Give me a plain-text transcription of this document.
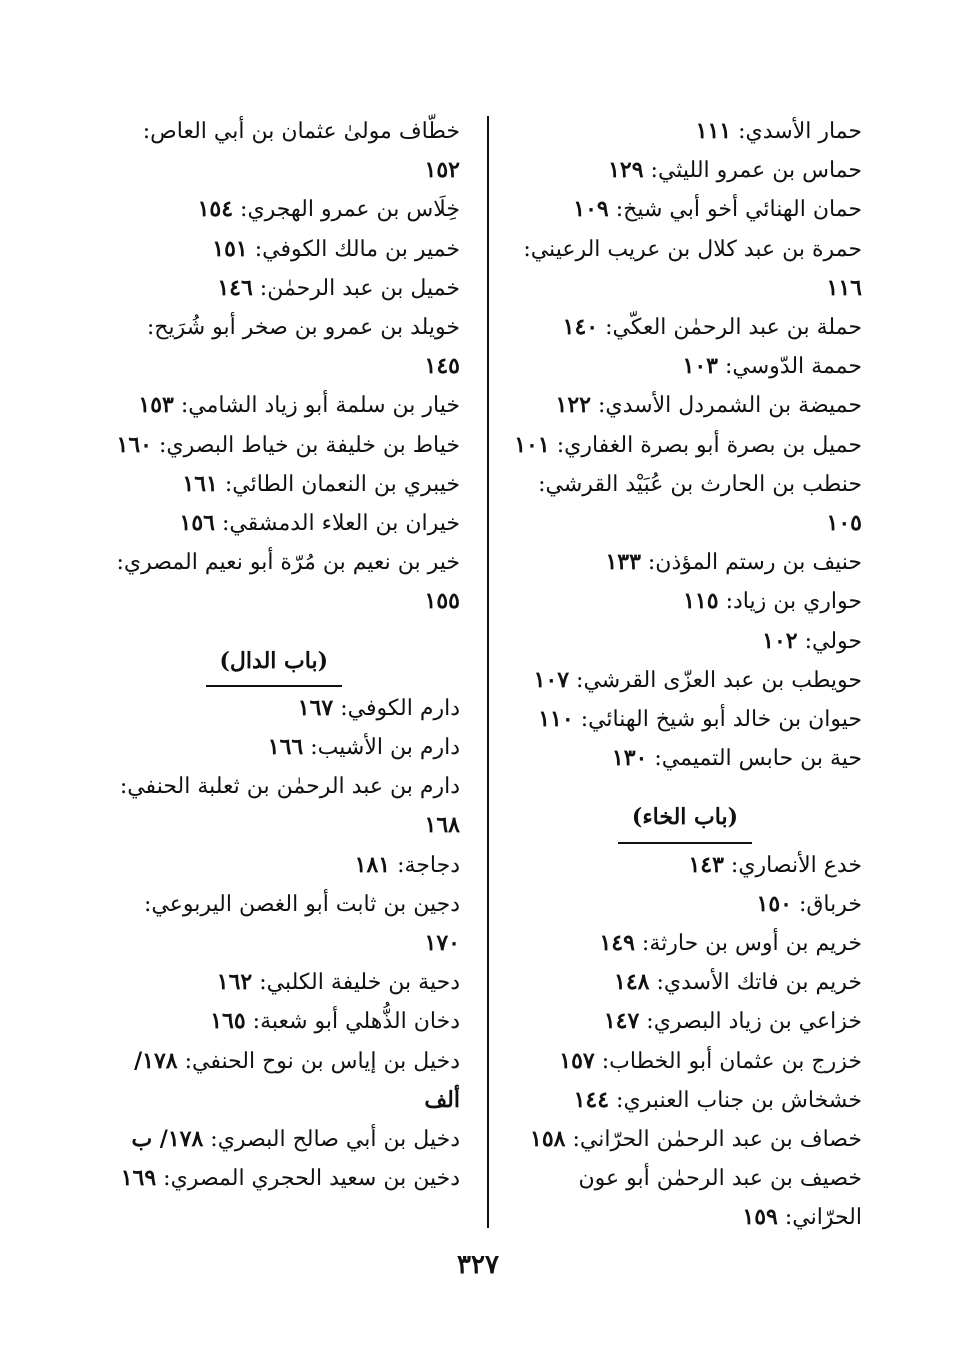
حمار الأسدي: ١١١
حماس بن عمرو الليثي: ١٢٩
حمان الهنائي أخو أبي شيخ: ١٠٩
حمرة بن عبد كلال بن عريب الرعيني: ١١٦
حملة بن عبد الرحمٰن العكّي: ١٤٠
حممة الدّوسي: ١٠٣
حميضة بن الشمردل الأسدي: ١٢٢
حميل بن بصرة أبو بصرة الغفاري: ١٠١
حنطب بن الحارث بن عُبَيْد القرشي: ١٠٥
حنيف بن رستم المؤذن: ١٣٣
حواري بن زياد: ١١٥
حولي: ١٠٢
حويطب بن عبد العزّى القرشي: ١٠٧
حيوان بن خالد أبو شيخ الهنائي: ١١٠
حية بن حابس التميمي: ١٣٠
(باب الخاء)
خدع الأنصاري: ١٤٣
خرباق: ١٥٠
خريم بن أوس بن حارثة: ١٤٩
خريم بن فاتك الأسدي: ١٤٨
خزاعي بن زياد البصري: ١٤٧
خزرج بن عثمان أبو الخطاب: ١٥٧
خشخاش بن جناب العنبري: ١٤٤
خصاف بن عبد الرحمٰن الحرّاني: ١٥٨
خصيف بن عبد الرحمٰن أبو عون الحرّاني: ١٥٩
خطّاف مولىٰ عثمان بن أبي العاص: ١٥٢
خِلَاس بن عمرو الهجري: ١٥٤
خمير بن مالك الكوفي: ١٥١
خميل بن عبد الرحمٰن: ١٤٦
خويلد بن عمرو بن صخر أبو شُرَيح: ١٤٥
خيار بن سلمة أبو زياد الشامي: ١٥٣
خياط بن خليفة بن خياط البصري: ١٦٠
خيبري بن النعمان الطائي: ١٦١
خيران بن العلاء الدمشقي: ١٥٦
خير بن نعيم بن مُرّة أبو نعيم المصري: ١٥٥
(باب الدال)
دارم الكوفي: ١٦٧
دارم بن الأشيب: ١٦٦
دارم بن عبد الرحمٰن بن ثعلبة الحنفي: ١٦٨
دجاجة: ١٨١
دجين بن ثابت أبو الغصن اليربوعي: ١٧٠
دحية بن خليفة الكلبي: ١٦٢
دخان الذُّهلي أبو شعبة: ١٦٥
دخيل بن إياس بن نوح الحنفي: ١٧٨/ ألف
دخيل بن أبي صالح البصري: ١٧٨/ ب
دخين بن سعيد الحجري المصري: ١٦٩
٣٢٧
